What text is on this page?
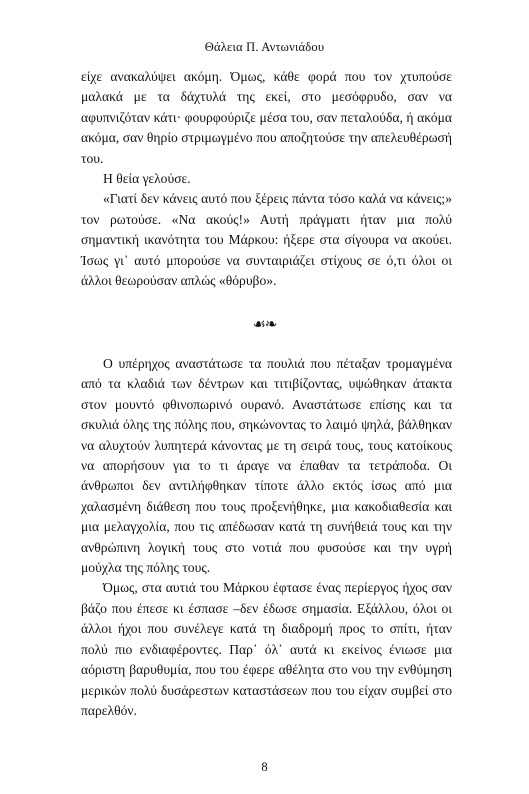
Θάλεια Π. Αντωνιάδου

είχε ανακαλύψει ακόμη. Όμως, κάθε φορά που τον χτυπούσε μαλακά με τα δάχτυλά της εκεί, στο μεσόφρυδο, σαν να αφυπνιζόταν κάτι· φουρφούριζε μέσα του, σαν πεταλούδα, ή ακόμα ακόμα, σαν θηρίο στριμωγμένο που αποζητούσε την απελευθέρωσή του.

Η θεία γελούσε.

«Γιατί δεν κάνεις αυτό που ξέρεις πάντα τόσο καλά να κάνεις;» τον ρωτούσε. «Να ακούς!» Αυτή πράγματι ήταν μια πολύ σημαντική ικανότητα του Μάρκου: ήξερε στα σίγουρα να ακούει. Ίσως γι᾽ αυτό μπορούσε να συνταιριάζει στίχους σε ό,τι όλοι οι άλλοι θεωρούσαν απλώς «θόρυβο».

☙❧

Ο υπέρηχος αναστάτωσε τα πουλιά που πέταξαν τρομαγμένα από τα κλαδιά των δέντρων και τιτιβίζοντας, υψώθηκαν άτακτα στον μουντό φθινοπωρινό ουρανό. Αναστάτωσε επίσης και τα σκυλιά όλης της πόλης που, σηκώνοντας το λαιμό ψηλά, βάλθηκαν να αλυχτούν λυπητερά κάνοντας με τη σειρά τους, τους κατοίκους να απορήσουν για το τι άραγε να έπαθαν τα τετράποδα. Οι άνθρωποι δεν αντιλήφθηκαν τίποτε άλλο εκτός ίσως από μια χαλασμένη διάθεση που τους προξενήθηκε, μια κακοδιαθεσία και μια μελαγχολία, που τις απέδωσαν κατά τη συνήθειά τους και την ανθρώπινη λογική τους στο νοτιά που φυσούσε και την υγρή μούχλα της πόλης τους.

Όμως, στα αυτιά του Μάρκου έφτασε ένας περίεργος ήχος σαν βάζο που έπεσε κι έσπασε –δεν έδωσε σημασία. Εξάλλου, όλοι οι άλλοι ήχοι που συνέλεγε κατά τη διαδρομή προς το σπίτι, ήταν πολύ πιο ενδιαφέροντες. Παρ᾽ όλ᾽ αυτά κι εκείνος ένιωσε μια αόριστη βαρυθυμία, που του έφερε αθέλητα στο νου την ενθύμηση μερικών πολύ δυσάρεστων καταστάσεων που του είχαν συμβεί στο παρελθόν.

8
